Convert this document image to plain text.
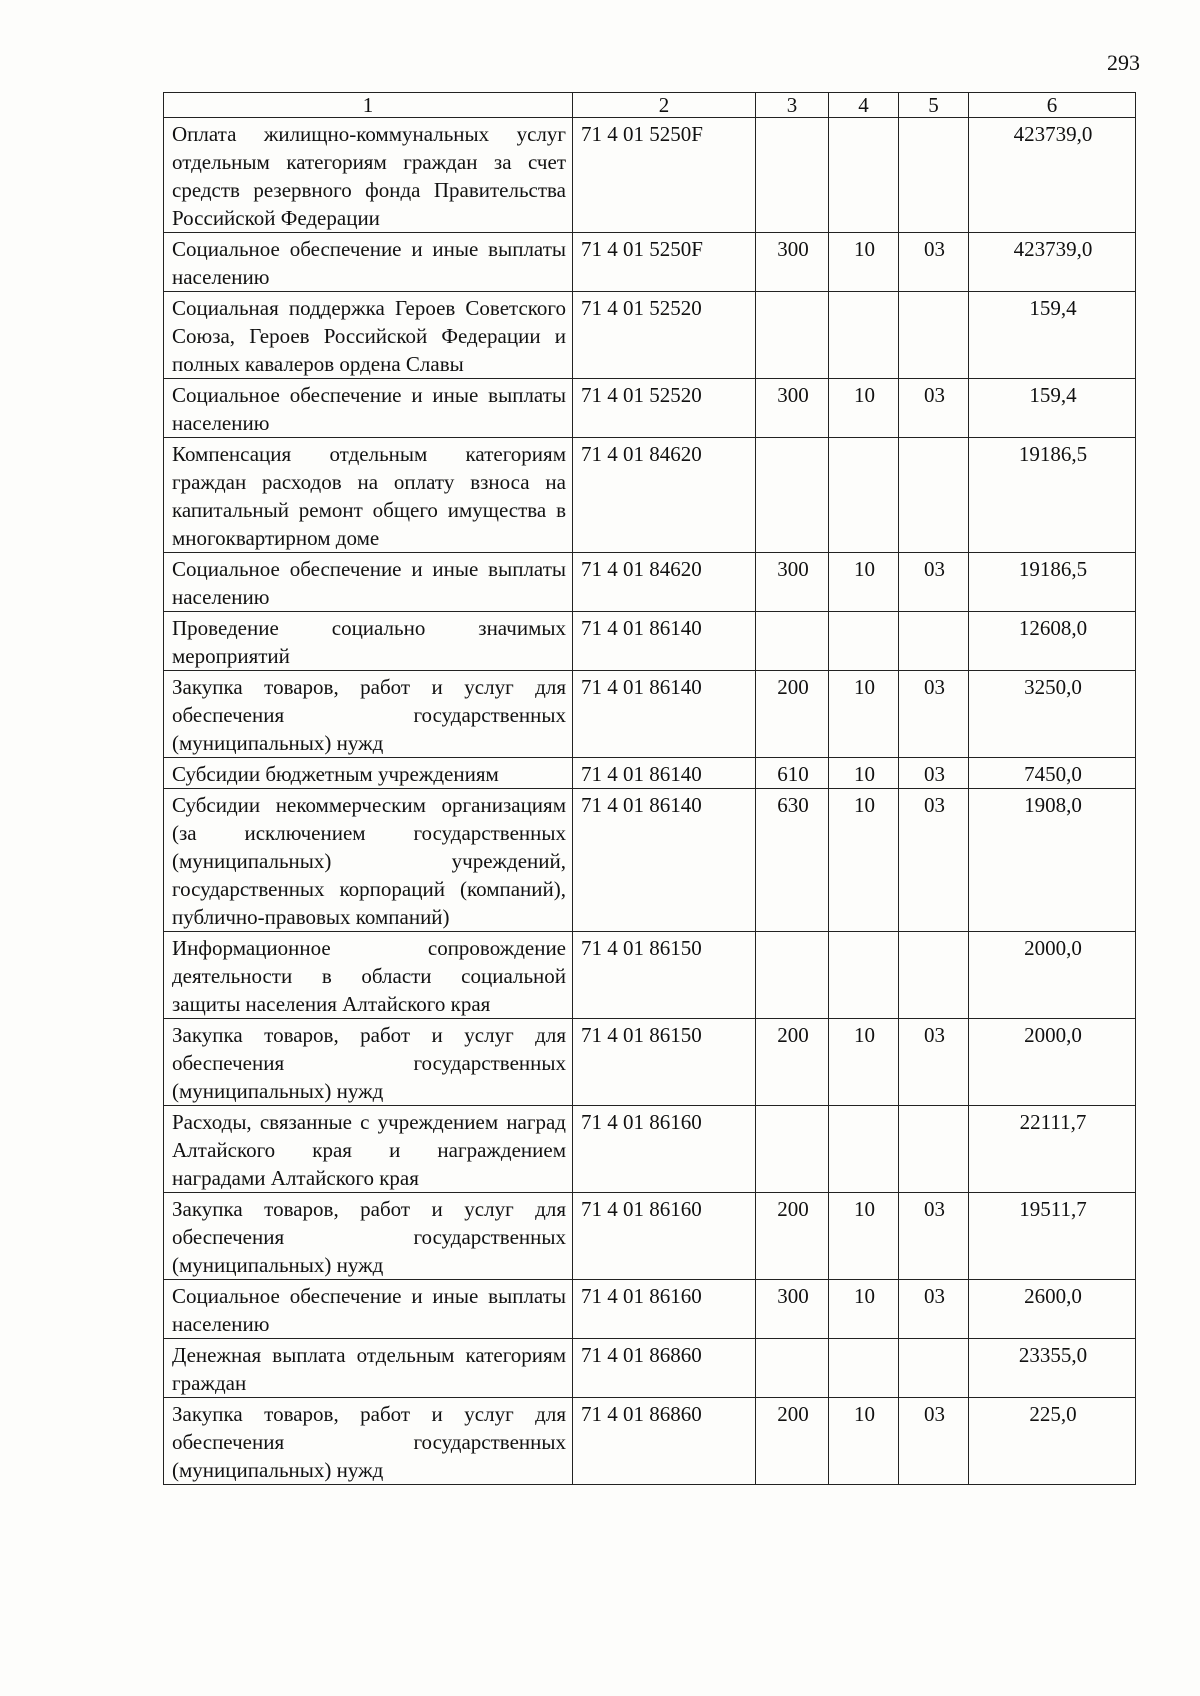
293
1	2	3	4	5	6
Оплата жилищно-коммунальных услуг отдельным категориям граждан за счет средств резервного фонда Правительства Российской Федерации	71 4 01 5250F				423739,0
Социальное обеспечение и иные выплаты населению	71 4 01 5250F	300	10	03	423739,0
Социальная поддержка Героев Советского Союза, Героев Российской Федерации и полных кавалеров ордена Славы	71 4 01 52520				159,4
Социальное обеспечение и иные выплаты населению	71 4 01 52520	300	10	03	159,4
Компенсация отдельным категориям граждан расходов на оплату взноса на капитальный ремонт общего имущества в многоквартирном доме	71 4 01 84620				19186,5
Социальное обеспечение и иные выплаты населению	71 4 01 84620	300	10	03	19186,5
Проведение социально значимых мероприятий	71 4 01 86140				12608,0
Закупка товаров, работ и услуг для обеспечения государственных (муниципальных) нужд	71 4 01 86140	200	10	03	3250,0
Субсидии бюджетным учреждениям	71 4 01 86140	610	10	03	7450,0
Субсидии некоммерческим организациям (за исключением государственных (муниципальных) учреждений, государственных корпораций (компаний), публично-правовых компаний)	71 4 01 86140	630	10	03	1908,0
Информационное сопровождение деятельности в области социальной защиты населения Алтайского края	71 4 01 86150				2000,0
Закупка товаров, работ и услуг для обеспечения государственных (муниципальных) нужд	71 4 01 86150	200	10	03	2000,0
Расходы, связанные с учреждением наград Алтайского края и награждением наградами Алтайского края	71 4 01 86160				22111,7
Закупка товаров, работ и услуг для обеспечения государственных (муниципальных) нужд	71 4 01 86160	200	10	03	19511,7
Социальное обеспечение и иные выплаты населению	71 4 01 86160	300	10	03	2600,0
Денежная выплата отдельным категориям граждан	71 4 01 86860				23355,0
Закупка товаров, работ и услуг для обеспечения государственных (муниципальных) нужд	71 4 01 86860	200	10	03	225,0
